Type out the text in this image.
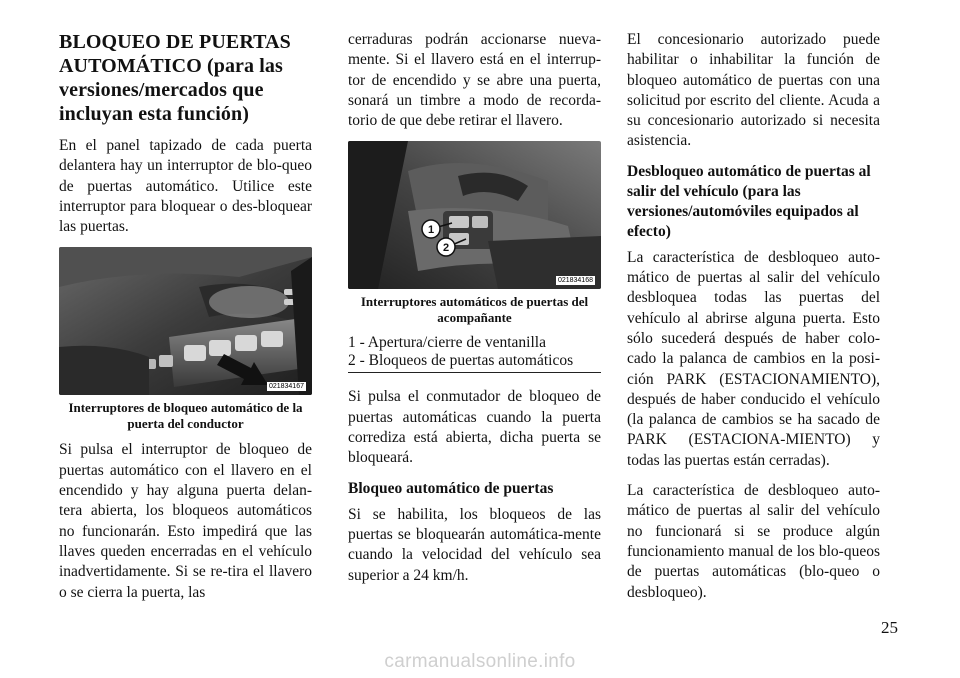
BLOQUEO DE PUERTAS AUTOMÁTICO (para las versiones/mercados que incluyan esta función)

En el panel tapizado de cada puerta delantera hay un interruptor de blo-queo de puertas automático. Utilice este interruptor para bloquear o des-bloquear las puertas.

021834167
Interruptores de bloqueo automático de la puerta del conductor

Si pulsa el interruptor de bloqueo de puertas automático con el llavero en el encendido y hay alguna puerta delan-tera abierta, los bloqueos automáticos no funcionarán. Esto impedirá que las llaves queden encerradas en el vehículo inadvertidamente. Si se re-tira el llavero o se cierra la puerta, las

cerraduras podrán accionarse nueva-mente. Si el llavero está en el interrup-tor de encendido y se abre una puerta, sonará un timbre a modo de recorda-torio de que debe retirar el llavero.

1
2
021834168
Interruptores automáticos de puertas del acompañante
1 - Apertura/cierre de ventanilla
2 - Bloqueos de puertas automáticos

Si pulsa el conmutador de bloqueo de puertas automáticas cuando la puerta corrediza está abierta, dicha puerta se bloqueará.

Bloqueo automático de puertas

Si se habilita, los bloqueos de las puertas se bloquearán automática-mente cuando la velocidad del vehículo sea superior a 24 km/h.

El concesionario autorizado puede habilitar o inhabilitar la función de bloqueo automático de puertas con una solicitud por escrito del cliente. Acuda a su concesionario autorizado si necesita asistencia.

Desbloqueo automático de puertas al salir del vehículo (para las versiones/automóviles equipados al efecto)

La característica de desbloqueo auto-mático de puertas al salir del vehículo desbloquea todas las puertas del vehículo al abrirse alguna puerta. Esto sólo sucederá después de haber colo-cado la palanca de cambios en la posi-ción PARK (ESTACIONAMIENTO), después de haber conducido el vehículo (la palanca de cambios se ha sacado de PARK (ESTACIONA-MIENTO) y todas las puertas están cerradas).

La característica de desbloqueo auto-mático de puertas al salir del vehículo no funcionará si se produce algún funcionamiento manual de los blo-queos de puertas automáticas (blo-queo o desbloqueo).

25
carmanualsonline.info
